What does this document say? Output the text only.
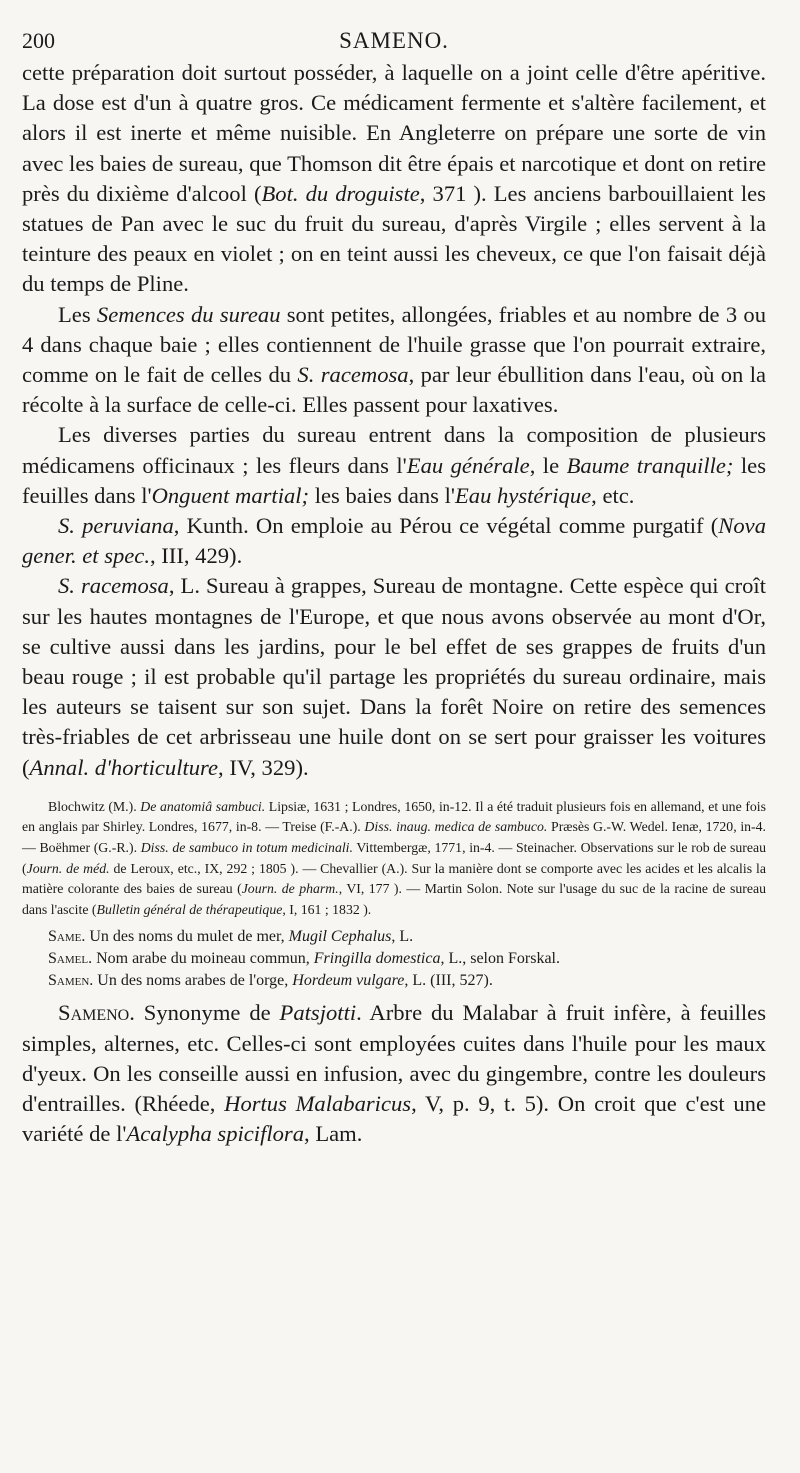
200	SAMENO.

cette préparation doit surtout posséder, à laquelle on a joint celle d'être apéritive. La dose est d'un à quatre gros. Ce médicament fermente et s'altère facilement, et alors il est inerte et même nuisible. En Angleterre on prépare une sorte de vin avec les baies de sureau, que Thomson dit être épais et narcotique et dont on retire près du dixième d'alcool (Bot. du droguiste, 371 ). Les anciens barbouillaient les statues de Pan avec le suc du fruit du sureau, d'après Virgile ; elles servent à la teinture des peaux en violet ; on en teint aussi les cheveux, ce que l'on faisait déjà du temps de Pline.

Les Semences du sureau sont petites, allongées, friables et au nombre de 3 ou 4 dans chaque baie ; elles contiennent de l'huile grasse que l'on pourrait extraire, comme on le fait de celles du S. racemosa, par leur ébullition dans l'eau, où on la récolte à la surface de celle-ci. Elles passent pour laxatives.

Les diverses parties du sureau entrent dans la composition de plusieurs médicamens officinaux ; les fleurs dans l'Eau générale, le Baume tranquille; les feuilles dans l'Onguent martial; les baies dans l'Eau hystérique, etc.

S. peruviana, Kunth. On emploie au Pérou ce végétal comme purgatif (Nova gener. et spec., III, 429).

S. racemosa, L. Sureau à grappes, Sureau de montagne. Cette espèce qui croît sur les hautes montagnes de l'Europe, et que nous avons observée au mont d'Or, se cultive aussi dans les jardins, pour le bel effet de ses grappes de fruits d'un beau rouge ; il est probable qu'il partage les propriétés du sureau ordinaire, mais les auteurs se taisent sur son sujet. Dans la forêt Noire on retire des semences très-friables de cet arbrisseau une huile dont on se sert pour graisser les voitures (Annal. d'horticulture, IV, 329).

Blochwitz (M.). De anatomiâ sambuci. Lipsiæ, 1631 ; Londres, 1650, in-12. Il a été traduit plusieurs fois en allemand, et une fois en anglais par Shirley. Londres, 1677, in-8. — Treise (F.-A.). Diss. inaug. medica de sambuco. Præsès G.-W. Wedel. Ienæ, 1720, in-4. — Boëhmer (G.-R.). Diss. de sambuco in totum medicinali. Vittembergæ, 1771, in-4. — Steinacher. Observations sur le rob de sureau (Journ. de méd. de Leroux, etc., IX, 292 ; 1805 ). — Chevallier (A.). Sur la manière dont se comporte avec les acides et les alcalis la matière colorante des baies de sureau (Journ. de pharm., VI, 177 ). — Martin Solon. Note sur l'usage du suc de la racine de sureau dans l'ascite (Bulletin général de thérapeutique, I, 161 ; 1832 ).

Same. Un des noms du mulet de mer, Mugil Cephalus, L.

Samel. Nom arabe du moineau commun, Fringilla domestica, L., selon Forskal.

Samen. Un des noms arabes de l'orge, Hordeum vulgare, L. (III, 527).

Sameno. Synonyme de Patsjotti. Arbre du Malabar à fruit infère, à feuilles simples, alternes, etc. Celles-ci sont employées cuites dans l'huile pour les maux d'yeux. On les conseille aussi en infusion, avec du gingembre, contre les douleurs d'entrailles. (Rhéede, Hortus Malabaricus, V, p. 9, t. 5). On croit que c'est une variété de l'Acalypha spiciflora, Lam.
